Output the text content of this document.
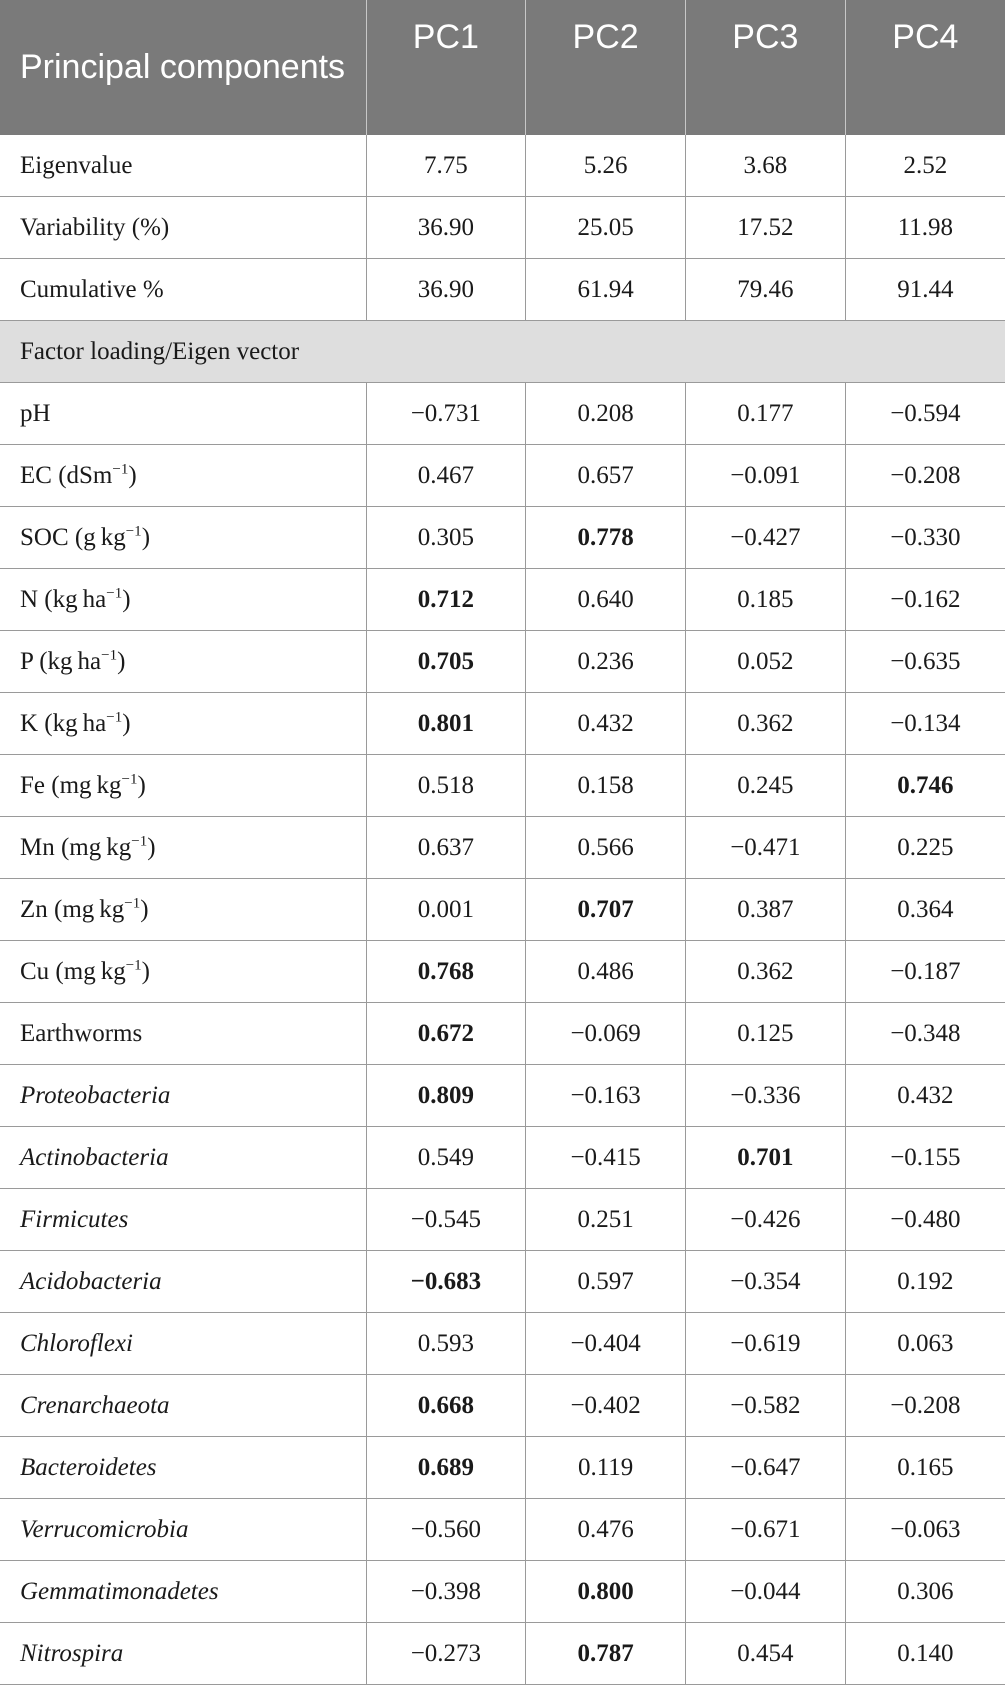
Principal components	PC1	PC2	PC3	PC4
Eigenvalue	7.75	5.26	3.68	2.52
Variability (%)	36.90	25.05	17.52	11.98
Cumulative %	36.90	61.94	79.46	91.44
Factor loading/Eigen vector				
pH	−0.731	0.208	0.177	−0.594
EC (dSm$^{-1}$)	0.467	0.657	−0.091	−0.208
SOC (g $kg^{-1}$)	0.305	0.778	−0.427	−0.330
N (kg $ha^{-1}$)	0.712	0.640	0.185	−0.162
P (kg $ha^{-1}$)	0.705	0.236	0.052	−0.635
K (kg $ha^{-1}$)	0.801	0.432	0.362	−0.134
Fe (mg $kg^{-1}$)	0.518	0.158	0.245	0.746
Mn (mg $kg^{-1}$)	0.637	0.566	−0.471	0.225
Zn (mg $kg^{-1}$)	0.001	0.707	0.387	0.364
Cu (mg $kg^{-1}$)	0.768	0.486	0.362	−0.187
Earthworms	0.672	−0.069	0.125	−0.348
Proteobacteria	0.809	−0.163	−0.336	0.432
Actinobacteria	0.549	−0.415	0.701	−0.155
Firmicutes	−0.545	0.251	−0.426	−0.480
Acidobacteria	−0.683	0.597	−0.354	0.192
Chloroflexi	0.593	−0.404	−0.619	0.063
Crenarchaeota	0.668	−0.402	−0.582	−0.208
Bacteroidetes	0.689	0.119	−0.647	0.165
Verrucomicrobia	−0.560	0.476	−0.671	−0.063
Gemmatimonadetes	−0.398	0.800	−0.044	0.306
Nitrospira	−0.273	0.787	0.454	0.140
